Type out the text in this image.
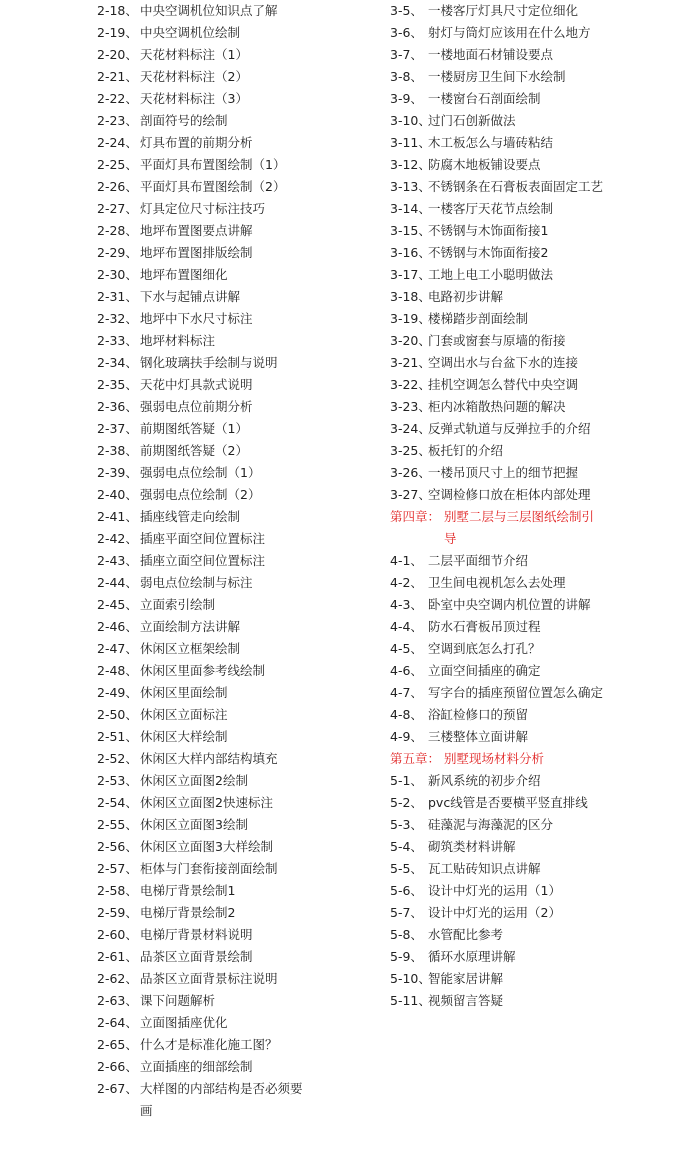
2-18、 中央空调机位知识点了解
2-19、 中央空调机位绘制
2-20、 天花材料标注（1）
2-21、 天花材料标注（2）
2-22、 天花材料标注（3）
2-23、 剖面符号的绘制
2-24、 灯具布置的前期分析
2-25、 平面灯具布置图绘制（1）
2-26、 平面灯具布置图绘制（2）
2-27、 灯具定位尺寸标注技巧
2-28、 地坪布置图要点讲解
2-29、 地坪布置图排版绘制
2-30、 地坪布置图细化
2-31、 下水与起铺点讲解
2-32、 地坪中下水尺寸标注
2-33、 地坪材料标注
2-34、 钢化玻璃扶手绘制与说明
2-35、 天花中灯具款式说明
2-36、 强弱电点位前期分析
2-37、 前期图纸答疑（1）
2-38、 前期图纸答疑（2）
2-39、 强弱电点位绘制（1）
2-40、 强弱电点位绘制（2）
2-41、 插座线管走向绘制
2-42、 插座平面空间位置标注
2-43、 插座立面空间位置标注
2-44、 弱电点位绘制与标注
2-45、 立面索引绘制
2-46、 立面绘制方法讲解
2-47、 休闲区立框架绘制
2-48、 休闲区里面参考线绘制
2-49、 休闲区里面绘制
2-50、 休闲区立面标注
2-51、 休闲区大样绘制
2-52、 休闲区大样内部结构填充
2-53、 休闲区立面图2绘制
2-54、 休闲区立面图2快速标注
2-55、 休闲区立面图3绘制
2-56、 休闲区立面图3大样绘制
2-57、 柜体与门套衔接剖面绘制
2-58、 电梯厅背景绘制1
2-59、 电梯厅背景绘制2
2-60、 电梯厅背景材料说明
2-61、 品茶区立面背景绘制
2-62、 品茶区立面背景标注说明
2-63、 课下问题解析
2-64、 立面图插座优化
2-65、 什么才是标准化施工图？
2-66、 立面插座的细部绘制
2-67、 大样图的内部结构是否必须要画
3-5、 一楼客厅灯具尺寸定位细化
3-6、 射灯与筒灯应该用在什么地方
3-7、 一楼地面石材铺设要点
3-8、 一楼厨房卫生间下水绘制
3-9、 一楼窗台石剖面绘制
3-10、
过门石创新做法
3-11、
木工板怎么与墙砖粘结
3-12、
防腐木地板铺设要点
3-13、
不锈钢条在石膏板表面固定工艺
3-14、
一楼客厅天花节点绘制
3-15、
不锈钢与木饰面衔接1
3-16、
不锈钢与木饰面衔接2
3-17、
工地上电工小聪明做法
3-18、
电路初步讲解
3-19、
楼梯踏步剖面绘制
3-20、
门套或窗套与原墙的衔接
3-21、
空调出水与台盆下水的连接
3-22、
挂机空调怎么替代中央空调
3-23、
柜内冰箱散热问题的解决
3-24、
反弹式轨道与反弹拉手的介绍
3-25、
板托钉的介绍
3-26、
一楼吊顶尺寸上的细节把握
3-27、
空调检修口放在柜体内部处理
第四章： 别墅二层与三层图纸绘制引导
4-1、 二层平面细节介绍
4-2、 卫生间电视机怎么去处理
4-3、 卧室中央空调内机位置的讲解
4-4、 防水石膏板吊顶过程
4-5、 空调到底怎么打孔？
4-6、 立面空间插座的确定
4-7、 写字台的插座预留位置怎么确定
4-8、 浴缸检修口的预留
4-9、 三楼整体立面讲解
第五章： 别墅现场材料分析
5-1、 新风系统的初步介绍
5-2、 pvc线管是否要横平竖直排线
5-3、 硅藻泥与海藻泥的区分
5-4、 砌筑类材料讲解
5-5、 瓦工贴砖知识点讲解
5-6、 设计中灯光的运用（1）
5-7、 设计中灯光的运用（2）
5-8、 水管配比参考
5-9、 循环水原理讲解
5-10、
智能家居讲解
5-11、
视频留言答疑
